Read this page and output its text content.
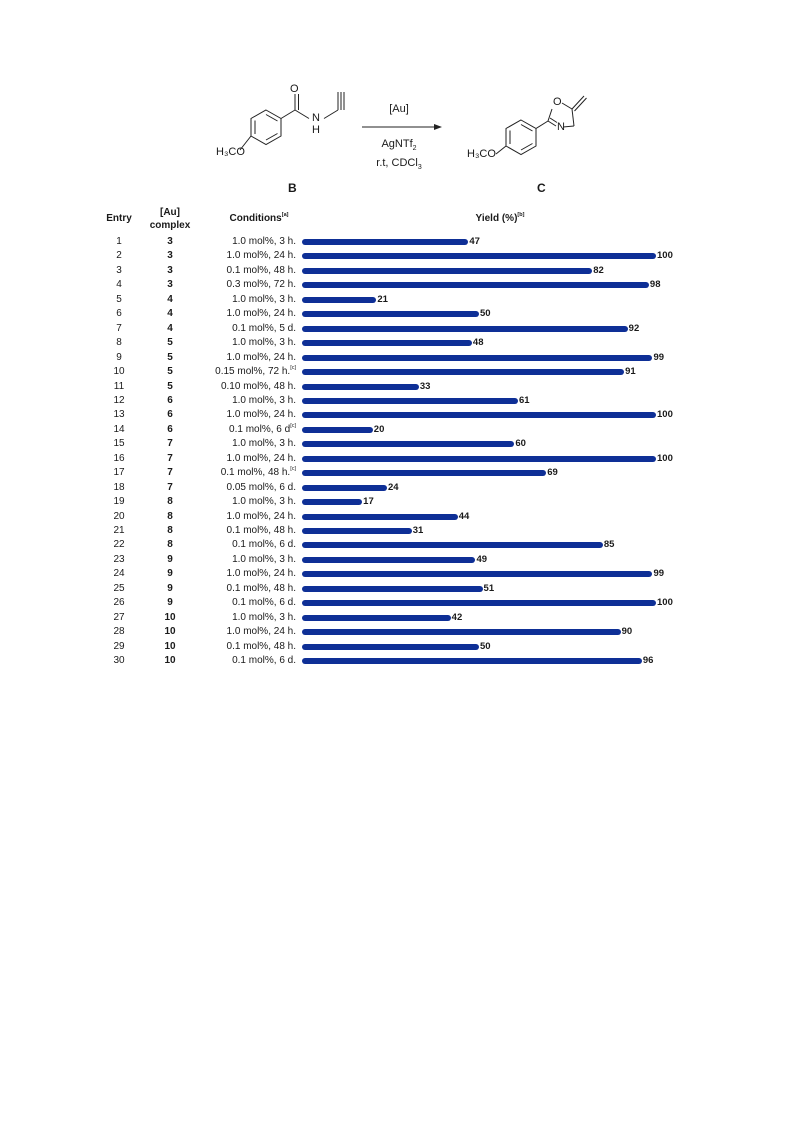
O
N
H
H₃CO
[Au]
AgNTf$_2$
r.t, CDCl$_3$
O
N
H₃CO
B	C
Entry
[Au]
complex
Conditions[a]	Yield (%)[b]
1	3	1.0 mol%, 3 h.	47
2	3	1.0 mol%, 24 h.	100
3	3	0.1 mol%, 48 h.	82
4	3	0.3 mol%, 72 h.	98
5	4	1.0 mol%, 3 h.	21
6	4	1.0 mol%, 24 h.	50
7	4	0.1 mol%, 5 d.	92
8	5	1.0 mol%, 3 h.	48
9	5	1.0 mol%, 24 h.	99
10	5	0.15 mol%, 72 h.[c]	91
11	5	0.10 mol%, 48 h.	33
12	6	1.0 mol%, 3 h.	61
13	6	1.0 mol%, 24 h.	100
14	6	0.1 mol%, 6 d[c]	20
15	7	1.0 mol%, 3 h.	60
16	7	1.0 mol%, 24 h.	100
17	7	0.1 mol%, 48 h.[c]	69
18	7	0.05 mol%, 6 d.	24
19	8	1.0 mol%, 3 h.	17
20	8	1.0 mol%, 24 h.	44
21	8	0.1 mol%, 48 h.	31
22	8	0.1 mol%, 6 d.	85
23	9	1.0 mol%, 3 h.	49
24	9	1.0 mol%, 24 h.	99
25	9	0.1 mol%, 48 h.	51
26	9	0.1 mol%, 6 d.	100
27	10	1.0 mol%, 3 h.	42
28	10	1.0 mol%, 24 h.	90
29	10	0.1 mol%, 48 h.	50
30	10	0.1 mol%, 6 d.	96
